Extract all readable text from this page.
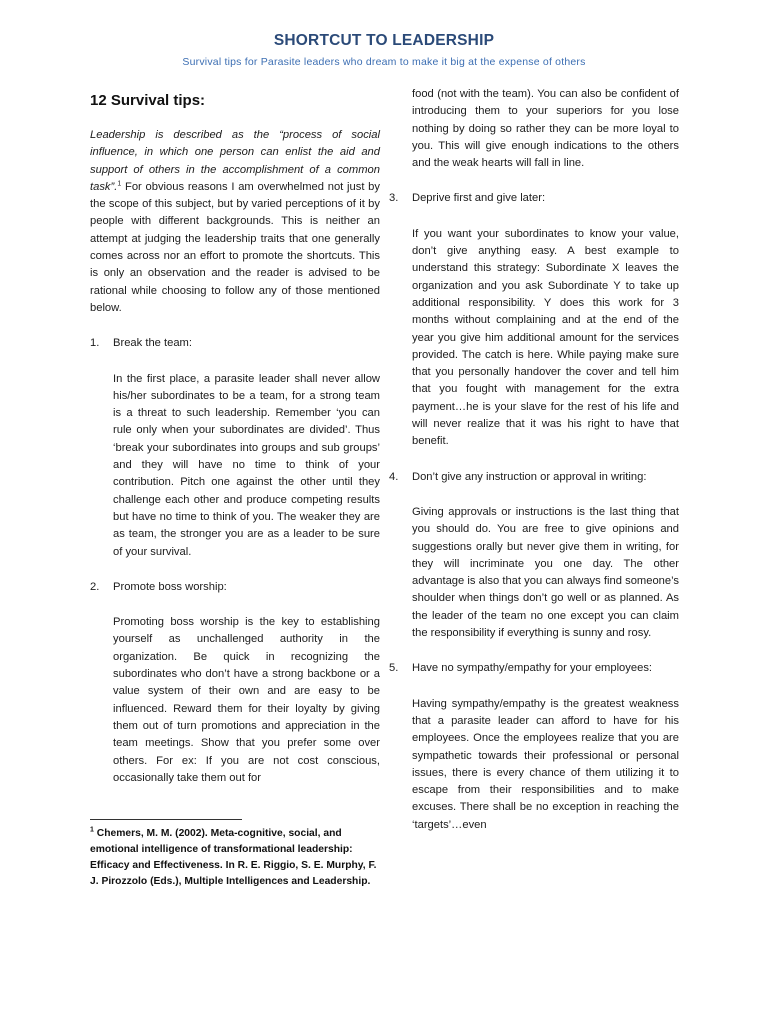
SHORTCUT TO LEADERSHIP
Survival tips for Parasite leaders who dream to make it big at the expense of others
12 Survival tips:

Leadership is described as the “process of social influence, in which one person can enlist the aid and support of others in the accomplishment of a common task”.$^1$ For obvious reasons I am overwhelmed not just by the scope of this subject, but by varied perceptions of it by people with different backgrounds. This is neither an attempt at judging the leadership traits that one generally comes across nor an effort to promote the shortcuts. This is only an observation and the reader is advised to be rational while choosing to follow any of those mentioned below.

1.	Break the team:

In the first place, a parasite leader shall never allow his/her subordinates to be a team, for a strong team is a threat to such leadership. Remember ‘you can rule only when your subordinates are divided’. Thus ‘break your subordinates into groups and sub groups’ and they will have no time to think of your contribution. Pitch one against the other until they challenge each other and produce competing results but have no time to think of you. The weaker they are as team, the stronger you are as a leader to be sure of your survival.

2.	Promote boss worship:

Promoting boss worship is the key to establishing yourself as unchallenged authority in the organization. Be quick in recognizing the subordinates who don’t have a strong backbone or a value system of their own and are easy to be influenced. Reward them for their loyalty by giving them out of turn promotions and appreciation in the team meetings. Show that you prefer some over others. For ex: If you are not cost conscious, occasionally take them out for

$^1$ Chemers, M. M. (2002). Meta-cognitive, social, and emotional intelligence of transformational leadership: Efficacy and Effectiveness. In R. E. Riggio, S. E. Murphy, F. J. Pirozzolo (Eds.), Multiple Intelligences and Leadership.

food (not with the team). You can also be confident of introducing them to your superiors for you lose nothing by doing so rather they can be more loyal to you. This will give enough indications to the others and the weak hearts will fall in line.

3.	Deprive first and give later:

If you want your subordinates to know your value, don’t give anything easy. A best example to understand this strategy: Subordinate X leaves the organization and you ask Subordinate Y to take up additional responsibility. Y does this work for 3 months without complaining and at the end of the year you give him additional amount for the services provided. The catch is here. While paying make sure that you personally handover the cover and tell him that you fought with management for the extra payment…he is your slave for the rest of his life and will never realize that it was his right to have that benefit.

4.	Don’t give any instruction or approval in writing:

Giving approvals or instructions is the last thing that you should do. You are free to give opinions and suggestions orally but never give them in writing, for they will incriminate you one day. The other advantage is also that you can always find someone’s shoulder when things don’t go well or as planned. As the leader of the team no one except you can claim the responsibility if everything is sunny and rosy.

5.	Have no sympathy/empathy for your employees:

Having sympathy/empathy is the greatest weakness that a parasite leader can afford to have for his employees. Once the employees realize that you are sympathetic towards their professional or personal issues, there is every chance of them utilizing it to escape from their responsibilities and to make excuses. There shall be no exception in reaching the ‘targets’…even
